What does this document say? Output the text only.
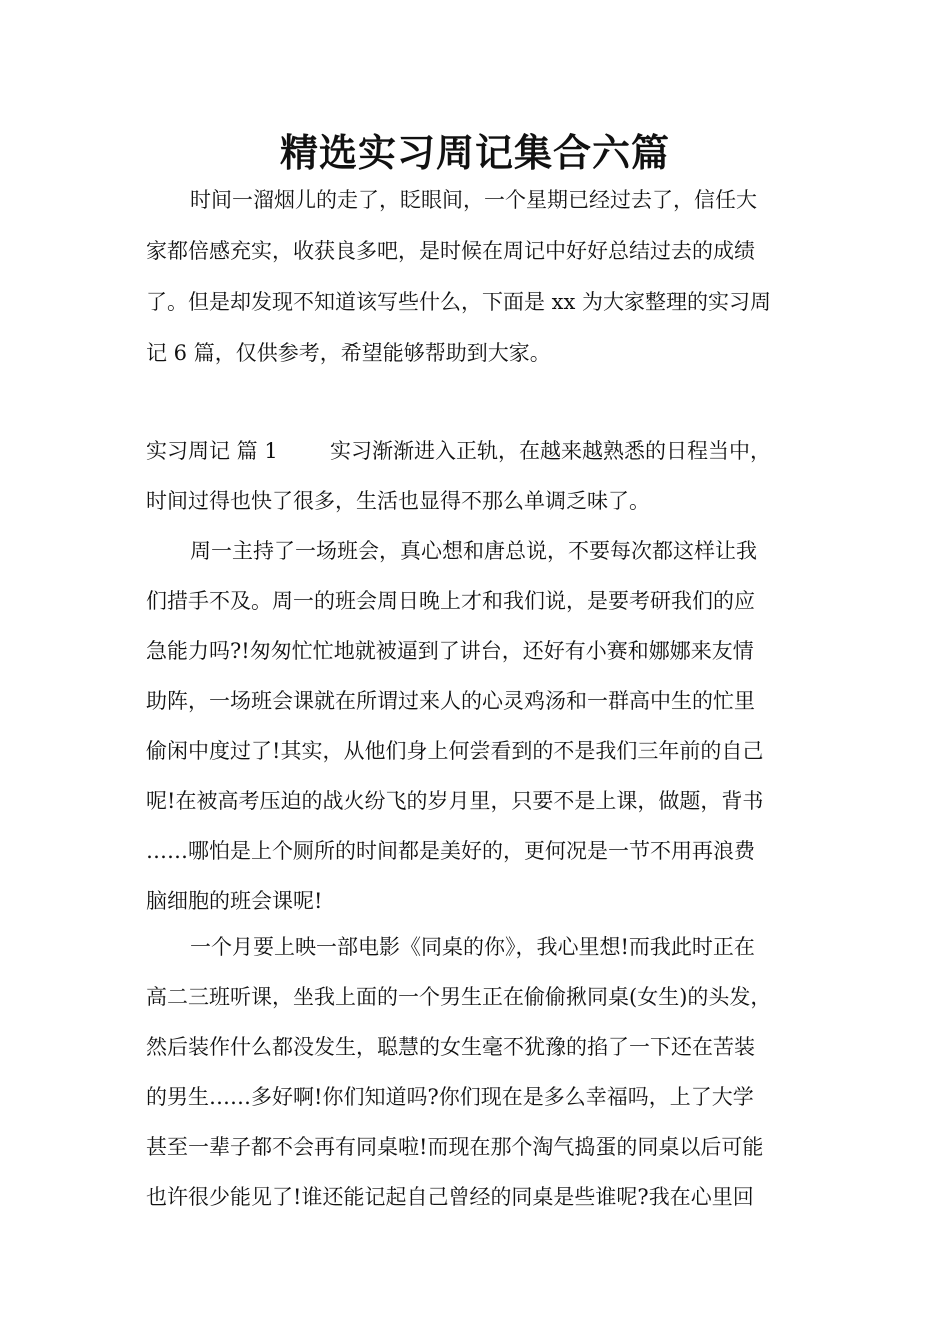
精选实习周记集合六篇
时间一溜烟儿的走了，眨眼间，一个星期已经过去了，信任大
家都倍感充实，收获良多吧，是时候在周记中好好总结过去的成绩
了。但是却发现不知道该写些什么，下面是 xx 为大家整理的实习周
记 6 篇，仅供参考，希望能够帮助到大家。
实习周记 篇 1 实习渐渐进入正轨，在越来越熟悉的日程当中，
时间过得也快了很多，生活也显得不那么单调乏味了。
周一主持了一场班会，真心想和唐总说，不要每次都这样让我
们措手不及。周一的班会周日晚上才和我们说，是要考研我们的应
急能力吗?!匆匆忙忙地就被逼到了讲台，还好有小赛和娜娜来友情
助阵，一场班会课就在所谓过来人的心灵鸡汤和一群高中生的忙里
偷闲中度过了!其实，从他们身上何尝看到的不是我们三年前的自己
呢!在被高考压迫的战火纷飞的岁月里，只要不是上课，做题，背书
……哪怕是上个厕所的时间都是美好的，更何况是一节不用再浪费
脑细胞的班会课呢!
一个月要上映一部电影《同桌的你》，我心里想!而我此时正在
高二三班听课，坐我上面的一个男生正在偷偷揪同桌(女生)的头发，
然后装作什么都没发生，聪慧的女生毫不犹豫的掐了一下还在苦装
的男生……多好啊!你们知道吗?你们现在是多么幸福吗，上了大学
甚至一辈子都不会再有同桌啦!而现在那个淘气捣蛋的同桌以后可能
也许很少能见了!谁还能记起自己曾经的同桌是些谁呢?我在心里回
